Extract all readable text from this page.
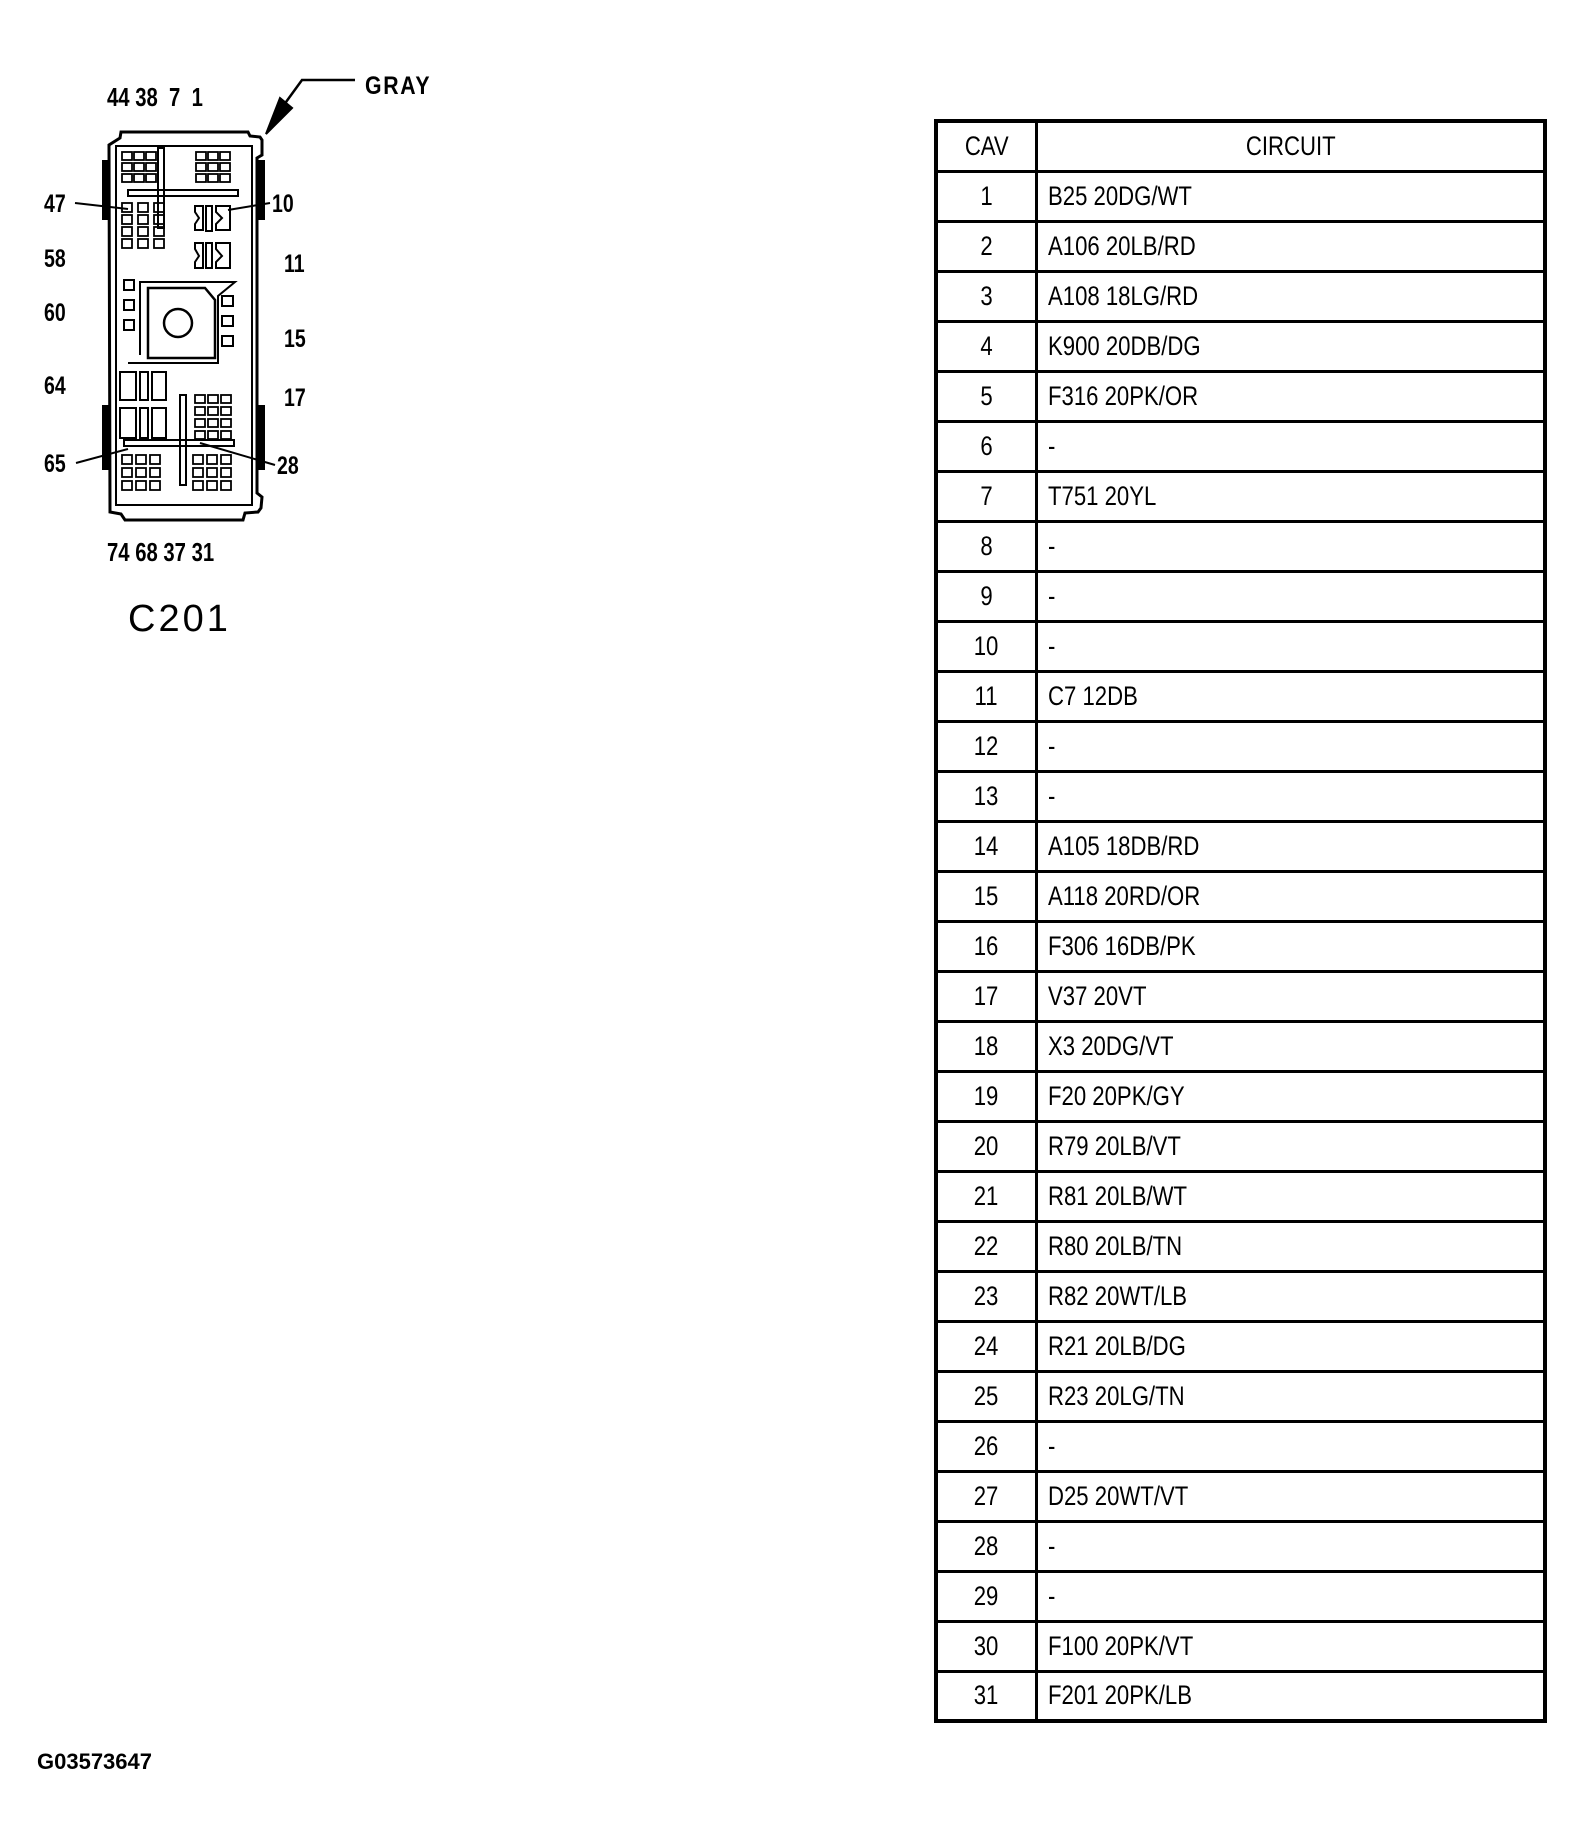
44 38  7  1	GRAY
47
58
60
64
65
10
11
15
17
28
74 68 37 31
C201
CAV	CIRCUIT
1	B25 20DG/WT
2	A106 20LB/RD
3	A108 18LG/RD
4	K900 20DB/DG
5	F316 20PK/OR
6	-
7	T751 20YL
8	-
9	-
10	-
11	C7 12DB
12	-
13	-
14	A105 18DB/RD
15	A118 20RD/OR
16	F306 16DB/PK
17	V37 20VT
18	X3 20DG/VT
19	F20 20PK/GY
20	R79 20LB/VT
21	R81 20LB/WT
22	R80 20LB/TN
23	R82 20WT/LB
24	R21 20LB/DG
25	R23 20LG/TN
26	-
27	D25 20WT/VT
28	-
29	-
30	F100 20PK/VT
31	F201 20PK/LB
G03573647
